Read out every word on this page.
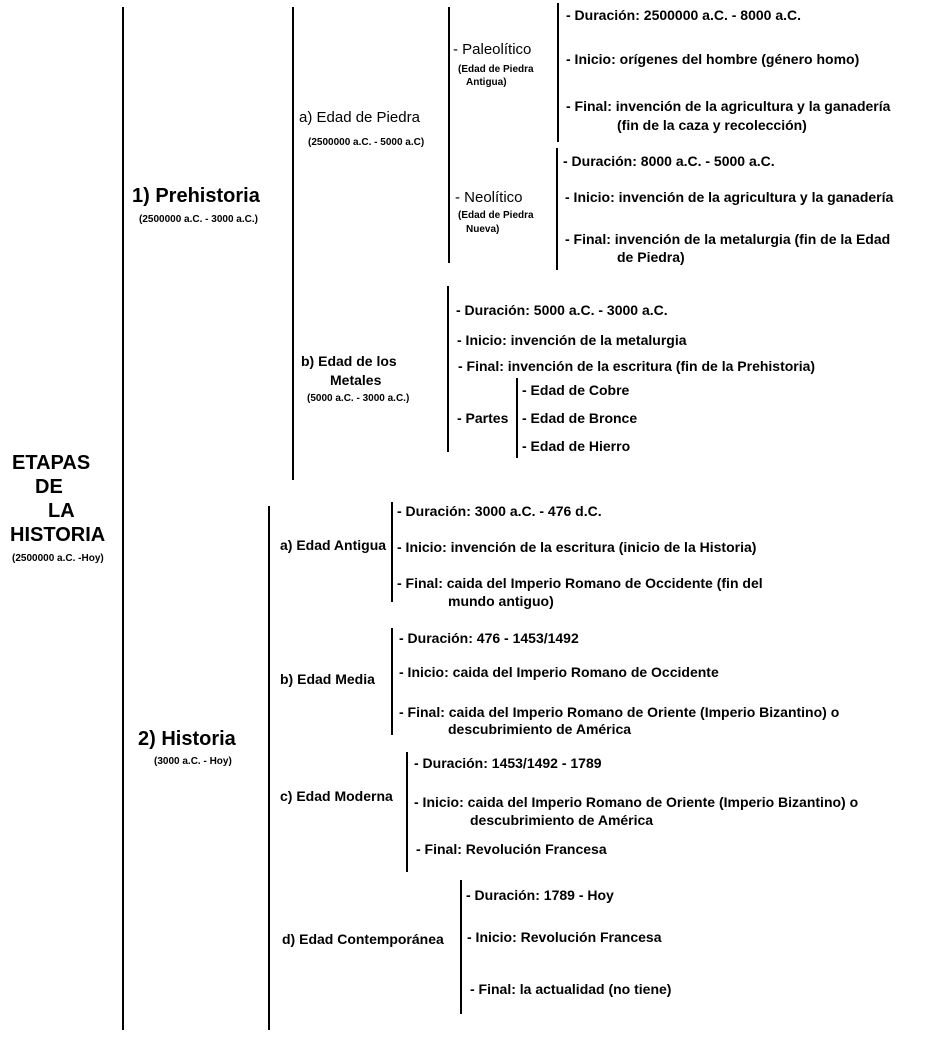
ETAPAS
DE
LA
HISTORIA
(2500000 a.C. -Hoy)
1) Prehistoria
(2500000 a.C. - 3000 a.C.)
a) Edad de Piedra
(2500000 a.C. - 5000 a.C)
- Paleolítico
(Edad de Piedra
Antigua)
- Duración: 2500000 a.C. - 8000 a.C.
- Inicio: orígenes del hombre (género homo)
- Final: invención de la agricultura y la ganadería
(fin de la caza y recolección)
- Neolítico
(Edad de Piedra
Nueva)
- Duración: 8000 a.C. - 5000 a.C.
- Inicio: invención de la agricultura y la ganadería
- Final: invención de la metalurgia (fin de la Edad
de Piedra)
b) Edad de los
Metales
(5000 a.C. - 3000 a.C.)
- Duración: 5000 a.C. - 3000 a.C.
- Inicio: invención de la metalurgia
- Final: invención de la escritura (fin de la Prehistoria)
- Partes
- Edad de Cobre
- Edad de Bronce
- Edad de Hierro
2) Historia
(3000 a.C. - Hoy)
a) Edad Antigua
- Duración: 3000 a.C. - 476 d.C.
- Inicio: invención de la escritura (inicio de la Historia)
- Final: caida del Imperio Romano de Occidente (fin del
mundo antiguo)
b) Edad Media
- Duración: 476 - 1453/1492
- Inicio: caida del Imperio Romano de Occidente
- Final: caida del Imperio Romano de Oriente (Imperio Bizantino) o
descubrimiento de América
c) Edad Moderna
- Duración: 1453/1492 - 1789
- Inicio: caida del Imperio Romano de Oriente (Imperio Bizantino) o
descubrimiento de América
- Final: Revolución Francesa
d) Edad Contemporánea
- Duración: 1789 - Hoy
- Inicio: Revolución Francesa
- Final: la actualidad (no tiene)
